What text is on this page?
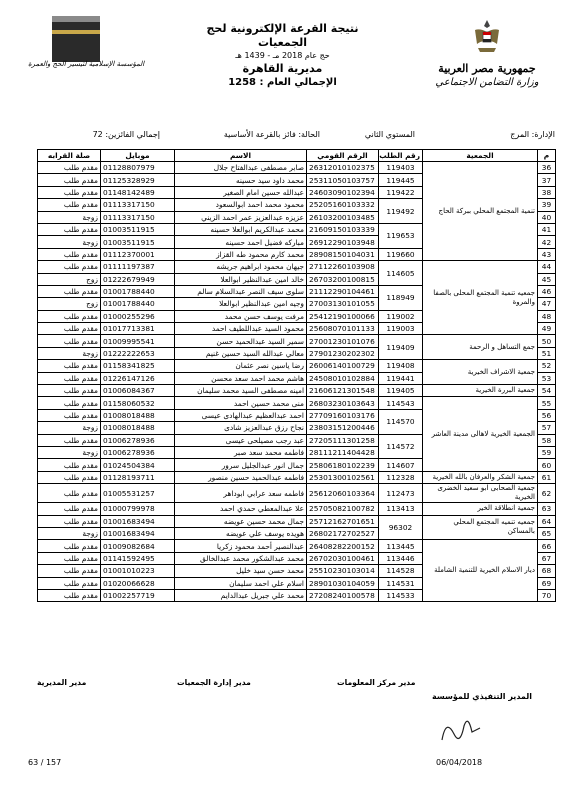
المؤسسة الإسلامية لتيسير الحج والعمرة
نتيجة القرعة الإلكترونية لحج الجمعيات
حج عام 2018 مـ - 1439 هـ
مديرية القاهرة
الإجمالي العام : 1258
جمهورية مصر العربية
وزارة التضامن الاجتماعي
الإدارة: المرج
المستوي الثاني
الحالة: فائز بالقرعة الأساسية
إجمالي الفائزين: 72
م	الجمعية	رقم الطلب	الرقم القومي	الاسم	موبايل	صلة القرابه
36	تنمية المجتمع المحلي ببركة الحاج	119403	26312010102375	صابر مصطفى عبدالفتاح جلال	01128807979	مقدم طلب
37		119445	25311050103757	محمد داود سيد حسينه	01125328929	مقدم طلب
38		119422	24603090102394	عبدالله حسين امام الصغير	01148142489	مقدم طلب
39		119492	25205160103332	محمود محمد احمد ابوالسعود	01113317150	مقدم طلب
40			26103200103485	عزيزه عبدالعزيز عمر احمد الزيني	01113317150	زوجة
41		119653	21609150103339	محمد عبدالكريم ابوالعلا حسينه	01003511915	مقدم طلب
42			26912290103948	مباركه فضيل احمد حسينه	01003511915	زوجة
43		119660	28908150104031	محمد كارم محمود طه القزاز	01112370001	مقدم طلب
44	جمعيه تنمية المجتمع المحلى بالصفا والمروة	114605	27112260103908	جيهان محمود ابراهيم جريشه	01111197387	مقدم طلب
45			26703200100815	خالد امين عبدالنظير ابوالعلا	01222679949	زوج
46		118949	21112290104461	سلوى سيف النصر عبدالسلام سالم	01001788440	مقدم طلب
47			27003130101055	وجيه امين عبدالنظير ابوالعلا	01001788440	زوج
48		119002	25412190100066	مرفت يوسف حسن محمد	01000255296	مقدم طلب
49		119003	25608070101133	محمود السيد عبداللطيف احمد	01017713381	مقدم طلب
50	جمع التساهل و الرحمة	119409	27001230101076	سمير السيد عبدالحميد حسن	01009995541	مقدم طلب
51			27901230202302	معالي عبدالله السيد حسين غنيم	01222222653	زوجة
52	جمعية الاشراف الخيرية	119408	26006140100729	رضا ياسين نصر عثمان	01158341825	مقدم طلب
53		119441	24508010102884	هاشم محمد احمد سعد محسن	01226147126	مقدم طلب
54	جمعية البررة الخيرية	119405	21606121301548	امينه مصطفى السيد محمد سليمان	01006084367	مقدم طلب
55	الجمعية الخيرية لاهالى مدينة العاشر	114543	26803230103643	منى محمد حسين احمد	01158060532	مقدم طلب
56		114570	27709160103176	احمد عبدالعظيم عبدالهادى عيسى	01008018488	مقدم طلب
57			23803151200446	نجاح رزق عبدالعزيز شادى	01008018488	زوجة
58		114572	27205111301258	عبد رجب مصيلحى عيسى	01006278936	مقدم طلب
59			28111211404428	فاطمه محمد سعد صبر	01006278936	زوجة
60		114607	25806180102239	جمال انور عبدالجليل سرور	01024504384	مقدم طلب
61	جمعية الشكر والعرفان بالله الخيرية	112328	25301300102561	فاطمه عبدالحميد حسين منصور	01128193711	مقدم طلب
62	جمعية الصحابى ابو سعيد الخضرى الخيرية	112473	25612060103364	فاطمه سعد عرابي ابوداهر	01005531257	مقدم طلب
63	جمعية انطلاقة الخير	113413	25705082100782	علا عبدالمعطي حمدي احمد	01000799978	مقدم طلب
64	جمعيه تنميه المجتمع المحلي بالمساكن	96302	25712162701651	جمال محمد حسين عويضه	01001683494	مقدم طلب
65			26802172702527	هويده يوسف علي عويضه	01001683494	زوجة
66	ديار الاسلام الخيرية للتنمية الشاملة	113445	26408282200152	عبدالنصير أحمد محمود زكريا	01009082684	مقدم طلب
67		113446	26702030100461	محمد عبدالشكور محمد عبدالخالق	01141592495	مقدم طلب
68		114528	25510230103014	محمد حسن سيد خليل	01001010223	مقدم طلب
69		114531	28901030104059	اسلام علي احمد سليمان	01020066628	مقدم طلب
70		114533	27208240100578	محمد علي جبريل عبدالدايم	01002257719	مقدم طلب
مدير المديرية	مدير إدارة الجمعيات	مدير مركز المعلومات
المدير التنفيذي للمؤسسة
63 / 157	06/04/2018
